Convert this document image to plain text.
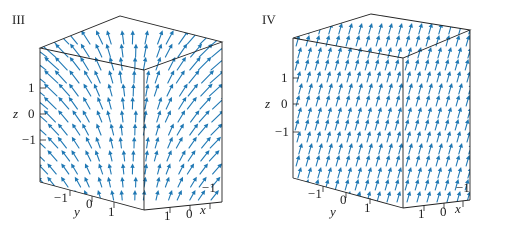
III
1
0
−1
z
−1 0
1
y	1 0
−1
x
IV
1
0
−1
z
−1 0
1
y	1 0
−1
x
